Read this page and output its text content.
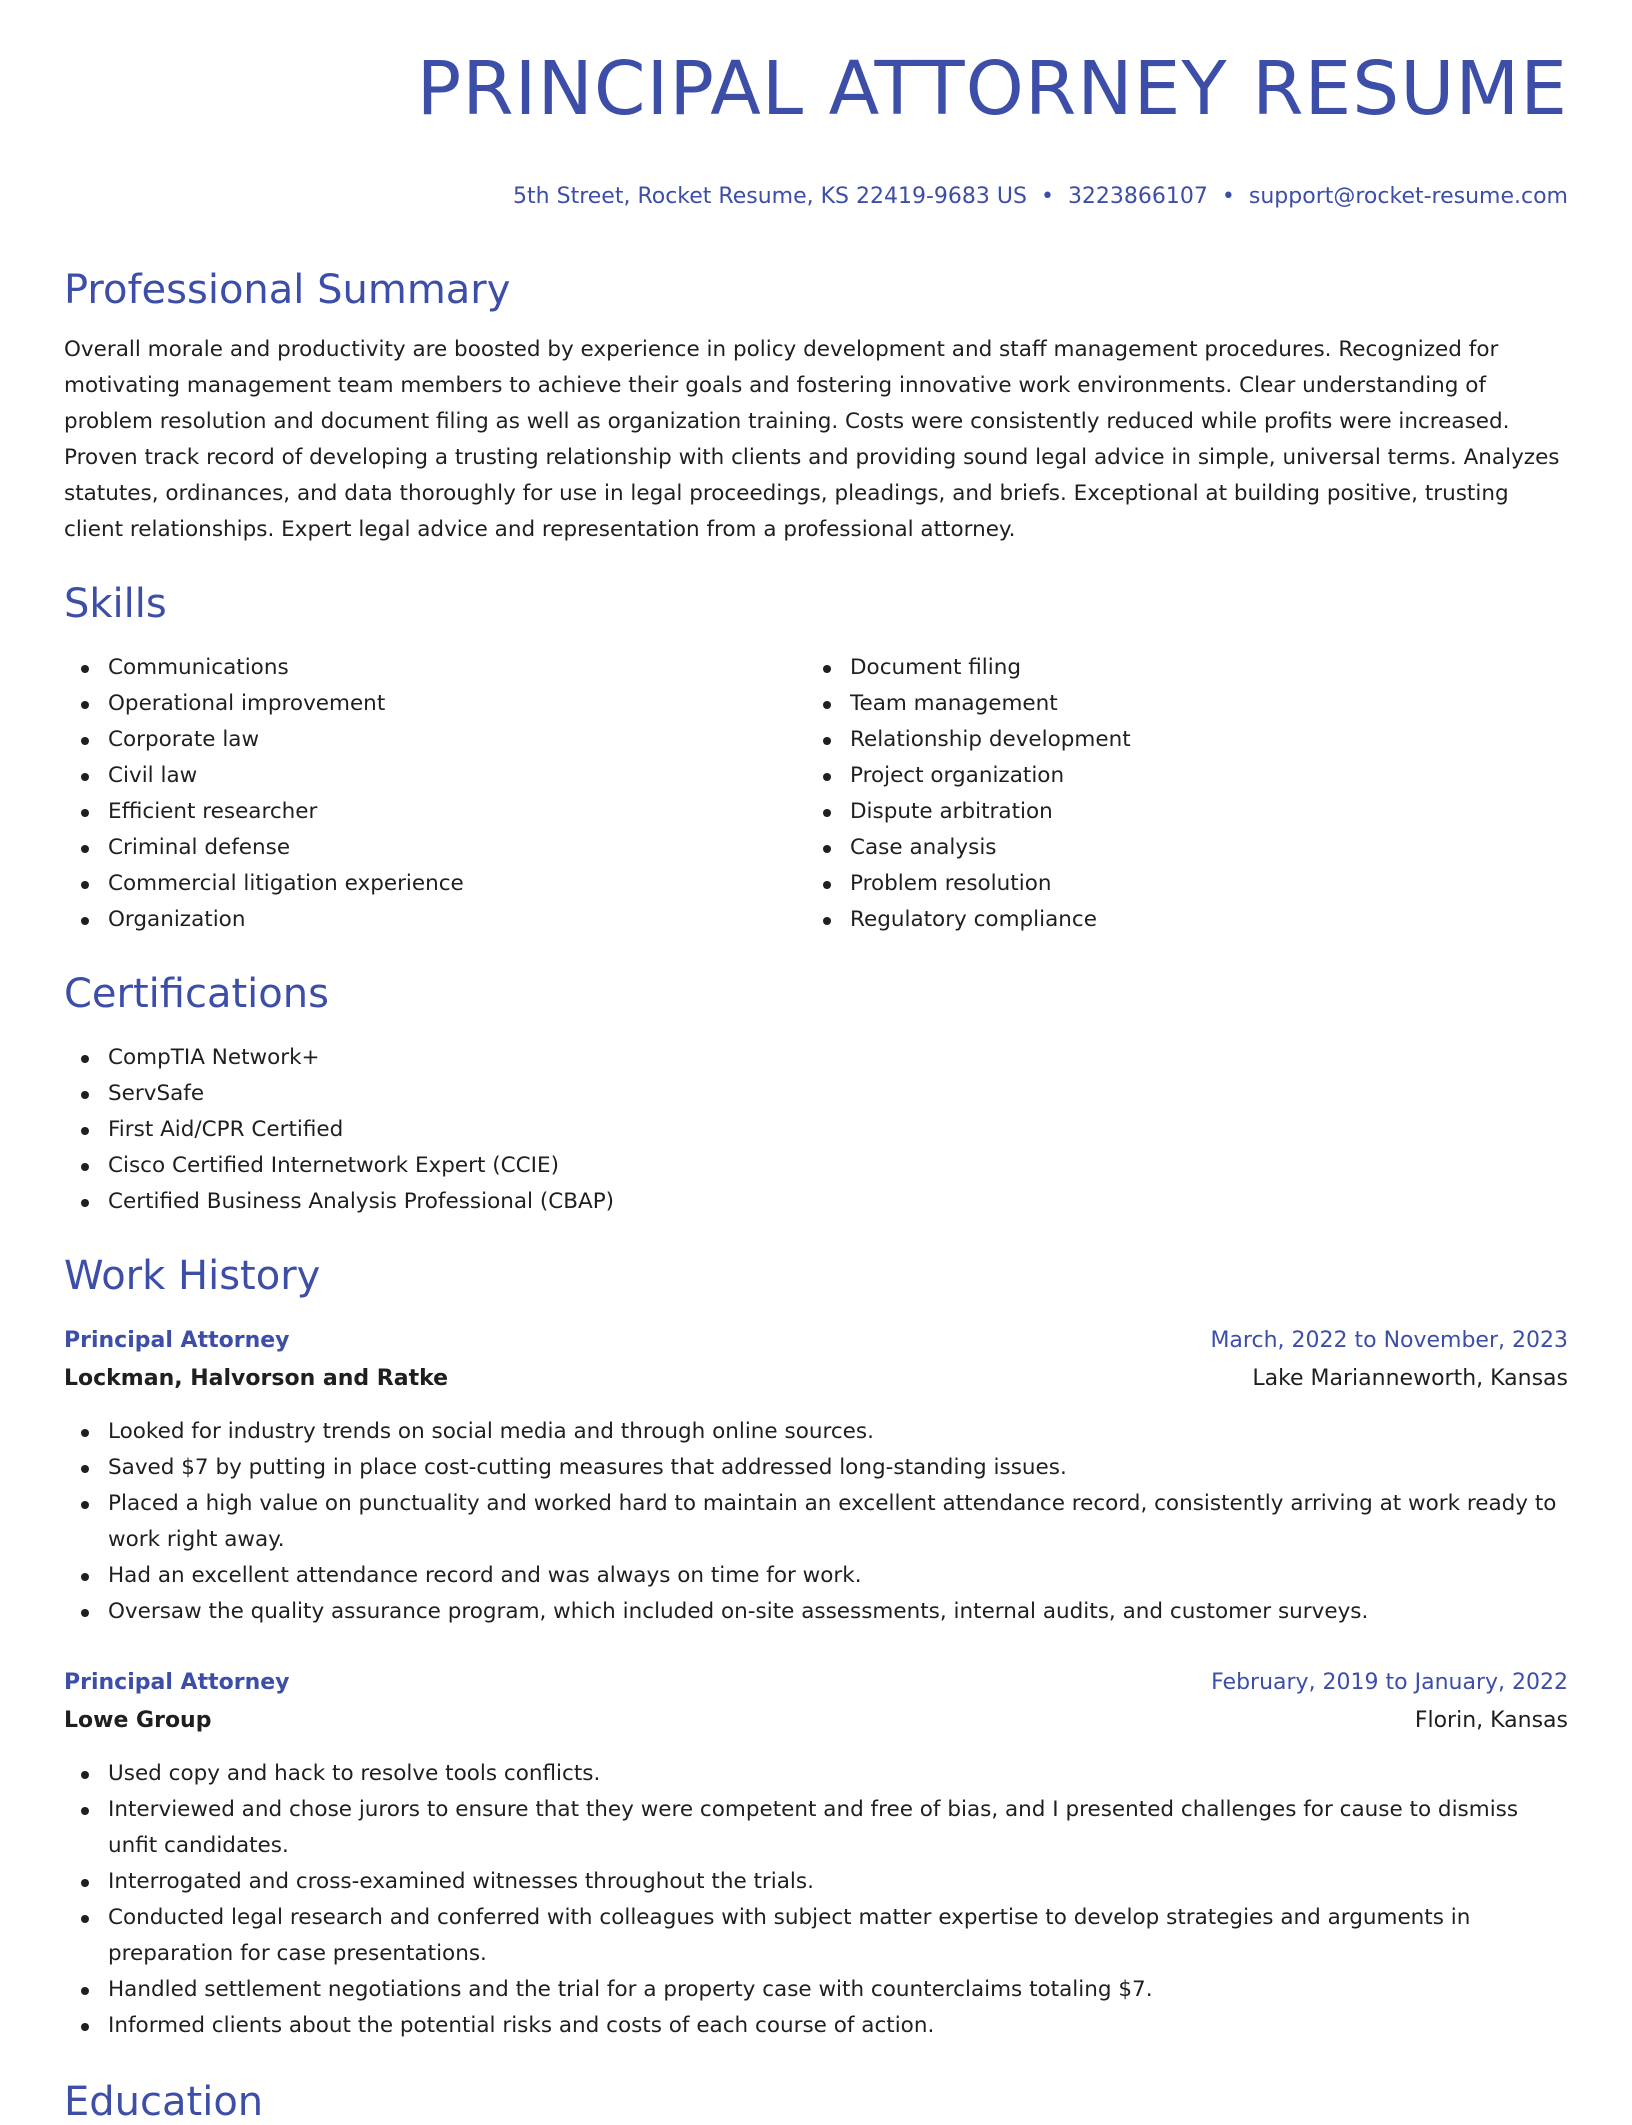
PRINCIPAL ATTORNEY RESUME
5th Street, Rocket Resume, KS 22419-9683 US • 3223866107 • support@rocket-resume.com
Professional Summary

Overall morale and productivity are boosted by experience in policy development and staff management procedures. Recognized for motivating management team members to achieve their goals and fostering innovative work environments. Clear understanding of problem resolution and document filing as well as organization training. Costs were consistently reduced while profits were increased. Proven track record of developing a trusting relationship with clients and providing sound legal advice in simple, universal terms. Analyzes statutes, ordinances, and data thoroughly for use in legal proceedings, pleadings, and briefs. Exceptional at building positive, trusting client relationships. Expert legal advice and representation from a professional attorney.

Skills
Communications
Operational improvement
Corporate law
Civil law
Efficient researcher
Criminal defense
Commercial litigation experience
Organization
Document filing
Team management
Relationship development
Project organization
Dispute arbitration
Case analysis
Problem resolution
Regulatory compliance
Certifications
CompTIA Network+
ServSafe
First Aid/CPR Certified
Cisco Certified Internetwork Expert (CCIE)
Certified Business Analysis Professional (CBAP)
Work History
Principal Attorney	March, 2022 to November, 2023
Lockman, Halvorson and Ratke	Lake Marianneworth, Kansas
Looked for industry trends on social media and through online sources.
Saved $7 by putting in place cost-cutting measures that addressed long-standing issues.
Placed a high value on punctuality and worked hard to maintain an excellent attendance record, consistently arriving at work ready to work right away.
Had an excellent attendance record and was always on time for work.
Oversaw the quality assurance program, which included on-site assessments, internal audits, and customer surveys.
Principal Attorney	February, 2019 to January, 2022
Lowe Group	Florin, Kansas
Used copy and hack to resolve tools conflicts.
Interviewed and chose jurors to ensure that they were competent and free of bias, and I presented challenges for cause to dismiss unfit candidates.
Interrogated and cross-examined witnesses throughout the trials.
Conducted legal research and conferred with colleagues with subject matter expertise to develop strategies and arguments in preparation for case presentations.
Handled settlement negotiations and the trial for a property case with counterclaims totaling $7.
Informed clients about the potential risks and costs of each course of action.
Education
